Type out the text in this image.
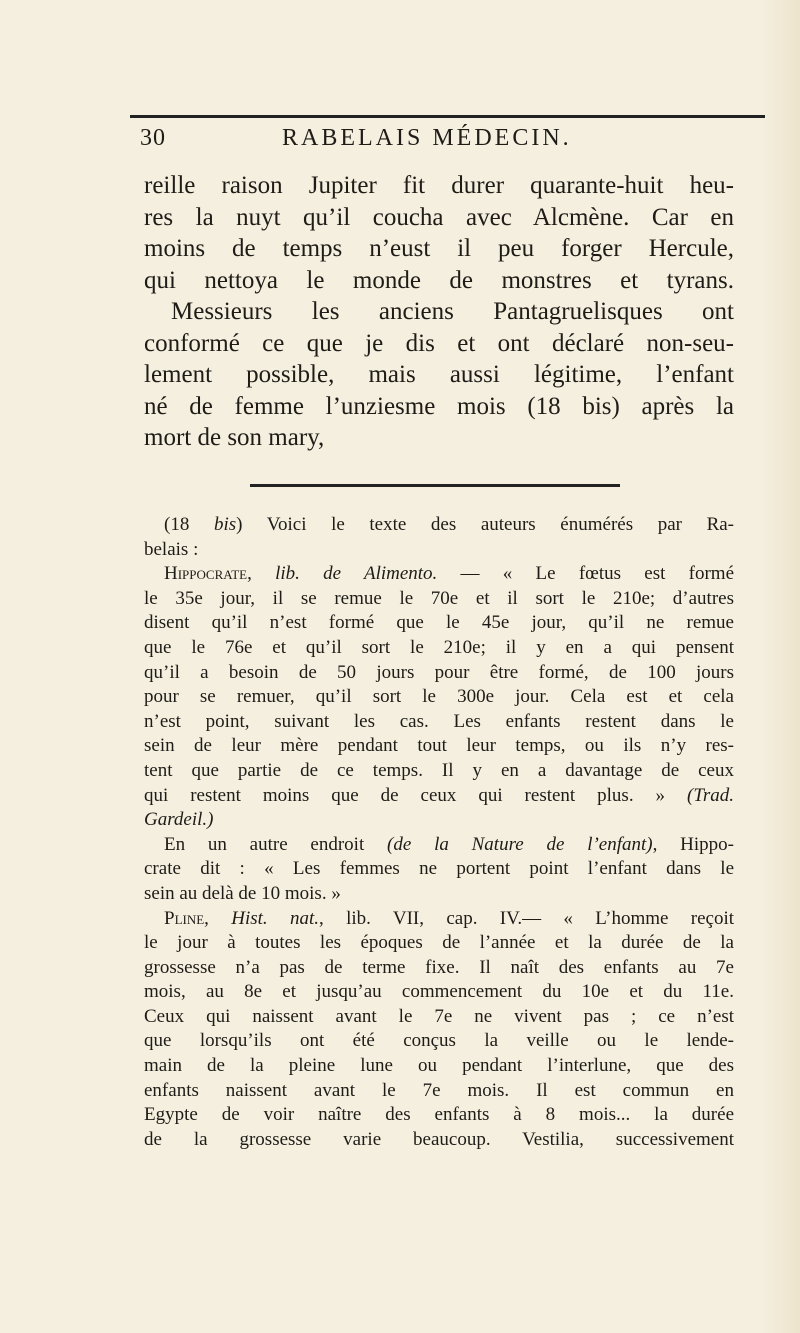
30	RABELAIS MÉDECIN.
reille raison Jupiter fit durer quarante-huit heu-
res la nuyt qu’il coucha avec Alcmène. Car en
moins de temps n’eust il peu forger Hercule,
qui nettoya le monde de monstres et tyrans.
Messieurs les anciens Pantagruelisques ont
conformé ce que je dis et ont déclaré non-seu-
lement possible, mais aussi légitime, l’enfant
né de femme l’unziesme mois (18 bis) après la
mort de son mary,
(18 bis) Voici le texte des auteurs énumérés par Ra-
belais :
Hippocrate, lib. de Alimento. — « Le fœtus est formé
le 35e jour, il se remue le 70e et il sort le 210e; d’autres
disent qu’il n’est formé que le 45e jour, qu’il ne remue
que le 76e et qu’il sort le 210e; il y en a qui pensent
qu’il a besoin de 50 jours pour être formé, de 100 jours
pour se remuer, qu’il sort le 300e jour. Cela est et cela
n’est point, suivant les cas. Les enfants restent dans le
sein de leur mère pendant tout leur temps, ou ils n’y res-
tent que partie de ce temps. Il y en a davantage de ceux
qui restent moins que de ceux qui restent plus. » (Trad.
Gardeil.)
En un autre endroit (de la Nature de l’enfant), Hippo-
crate dit : « Les femmes ne portent point l’enfant dans le
sein au delà de 10 mois. »
Pline, Hist. nat., lib. VII, cap. IV.— « L’homme reçoit
le jour à toutes les époques de l’année et la durée de la
grossesse n’a pas de terme fixe. Il naît des enfants au 7e
mois, au 8e et jusqu’au commencement du 10e et du 11e.
Ceux qui naissent avant le 7e ne vivent pas ; ce n’est
que lorsqu’ils ont été conçus la veille ou le lende-
main de la pleine lune ou pendant l’interlune, que des
enfants naissent avant le 7e mois. Il est commun en
Egypte de voir naître des enfants à 8 mois... la durée
de la grossesse varie beaucoup. Vestilia, successivement
